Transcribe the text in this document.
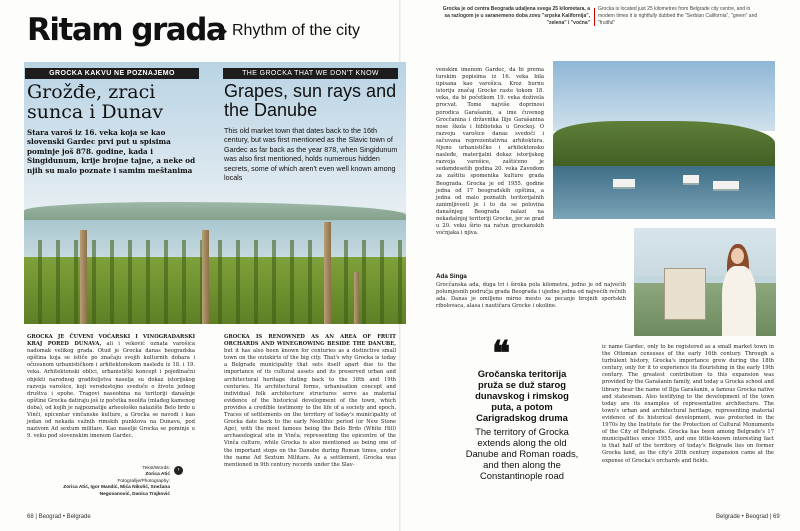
Ritam grada Rhythm of the city
Grocka je od centra Beograda udaljena svega 25 kilometara, a sa razlogom je u saranemeno doba zovu "srpska Kalifornija", "zelena" i "voćna"
Grocka is located just 25 kilometres from Belgrade city centre, and in modern times it is rightfully dubbed the "Serbian California", "green" and "fruitful"
GROCKA KAKVU NE POZNAJEMO	THE GROCKA THAT WE DON'T KNOW
Grožđe, zraci sunca i Dunav
Grapes, sun rays and the Danube
Stara varoš iz 16. veka koja se kao slovenski Gardec prvi put u spisima pominje još 878. godine, kada i Singidunum, krije brojne tajne, a neke od njih su malo poznate i samim meštanima
This old market town that dates back to the 16th century, but was first mentioned as the Slavic town of Gardec as far back as the year 878, when Singidunum was also first mentioned, holds numerous hidden secrets, some of which aren't even well known among locals
GROCKA JE ČUVENI VOĆARSKI I VINOGRADARSKI KRAJ PORED DUNAVA, ali i veković oznata varošica nadomak velikog grada. Otud je Grocka danas beogradska opština koja se ističe po značaju svojih kulturnih dobara i očuvanom urbanističkom i arhitektonskom nasleđu iz 18. i 19. veka. Arhitektonski oblici, urbanistički koncept i pojedinačni objekti narodnog graditeljstva naselja su dokaz istorijskog razvoja varošice, koji verodostojno svedoče o životu jednog društva i epohe. Tragovi naseobina na teritoriji današnje opštine Grocka datiraju još iz početka neolita (mlađeg kamenog doba), od kojih je najpoznatije arheološko nalazište Belo brdo u Vinči, epicentar vinčanske kulture, a Grocka se navodi i kao jedan od nekada važnih rimskih punktova na Dunavu, pod nazivom Ad sextum militare. Kao naselje Grocka se pominje u 9. veku pod slovenskim imenom Gardec.
GROCKA IS RENOWNED AS AN AREA OF FRUIT ORCHARDS AND WINEGROWING BESIDE THE DANUBE, but it has also been known for centuries as a distinctive small town on the outskirts of the big city. That's why Grocka is today a Belgrade municipality that sets itself apart due to the importance of its cultural assets and its preserved urban and architectural heritage dating back to the 18th and 19th centuries. Its architectural forms, urbanisation concept and individual folk architecture structures serve as material evidence of the historical development of the town, which provides a credible testimony to the life of a society and epoch. Traces of settlements on the territory of today's municipality of Grocka date back to the early Neolithic period (or New Stone Age), with the most famous being the Belo Brdo (White Hill) archaeological site in Vinča, representing the epicentre of the Vinča culture, while Grocka is also mentioned as being one of the important stops on the Danube during Roman times, under the name Ad Sextum Militare. As a settlement, Grocka was mentioned in 9th century records under the Slav-
Tekst/Words:
Zorica Atić
Fotografije/Photography:
Zorica Atić, Igor Mandić, Mića Nikolić, Snežana Negovanović, Danica Trajković
›
68 | Beograd • Belgrade
venskim imenom Gardec, da bi prema turskim popisima iz 16. veka bila upisana kao varošica. Kroz burnu istoriju značaj Grocke raste tokom 18. veka, da bi početkom 19. veka doživela procvat. Tome najviše doprinosi porodica Garašanin, a ime čuvenog Grocčanina i državnika Ilije Garašanina nose škola i biblioteka u Grockoj. O razvoju varošice danas svedoči i sačuvana reprezentativna arhitektura. Njeno urbanističko i arhitektonsko nasleđe, materijalni dokaz istorijskog razvoja varošice, zaštićeno je sedamdesetih godina 20. veka Zavodom za zaštitu spomenika kulture grada Beograda. Grocka je od 1955. godine jedna od 17 beogradskih opština, a jedna od malo poznatih teritorijalnih zanimljivosti je i to da se polovina današnjeg Beograda nalazi na nekadašnjoj teritoriji Grocke, jer se grad u 20. veku širio na račun grockanskih voćnjaka i njiva.
Ada Singa
Grocčanska ada, duga tri i široka pola kilometra, jedno je od najvećih polumjesnih područja grada Beograda i ujedno jedna od najvećih rečnih ada. Danas je omiljeno mirno mesto za pecanje brojnih sportskih ribolovaca, alasa i nautičara Grocke i okoline.
❝
Gročanska teritorija pruža se duž starog dunavskog i rimskog puta, a potom Carigradskog druma
The territory of Grocka extends along the old Danube and Roman roads, and then along the Constantinople road
ic name Gardec, only to be registered as a small market town in the Ottoman censuses of the early 16th century. Through a turbulent history, Grocka's importance grew during the 18th century, only for it to experience its flourishing in the early 19th century. The greatest contribution to this expansion was provided by the Garašanin family, and today a Grocka school and library bear the name of Ilija Garašanin, a famous Grocka native and statesman. Also testifying to the development of the town today are its examples of representative architecture. The town's urban and architectural heritage, representing material evidence of its historical development, was protected in the 1970s by the Institute for the Protection of Cultural Monuments of the City of Belgrade. Grocka has been among Belgrade's 17 municipalities since 1955, and one little-known interesting fact is that half of the territory of today's Belgrade lies on former Grocka land, as the city's 20th century expansion came at the expense of Grocka's orchards and fields.
Belgrade • Beograd | 69
